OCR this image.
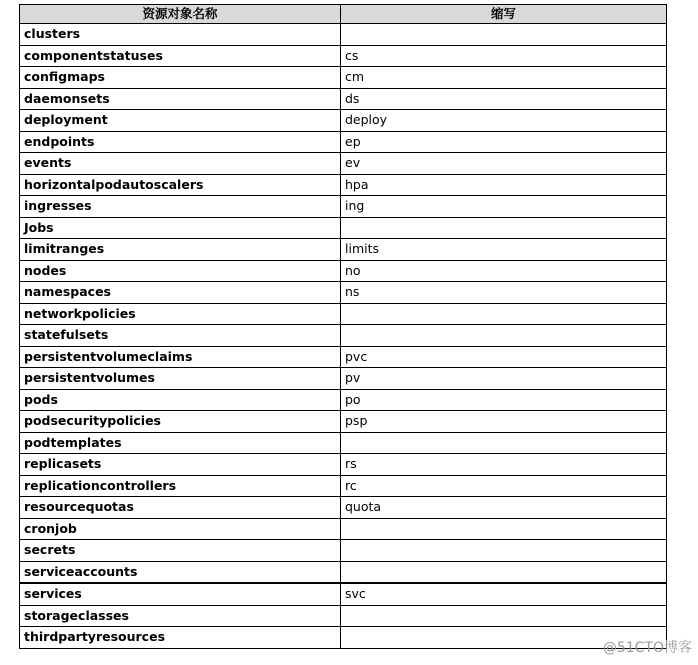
资源对象名称	缩写
clusters	
componentstatuses	cs
configmaps	cm
daemonsets	ds
deployment	deploy
endpoints	ep
events	ev
horizontalpodautoscalers	hpa
ingresses	ing
Jobs	
limitranges	limits
nodes	no
namespaces	ns
networkpolicies	
statefulsets	
persistentvolumeclaims	pvc
persistentvolumes	pv
pods	po
podsecuritypolicies	psp
podtemplates	
replicasets	rs
replicationcontrollers	rc
resourcequotas	quota
cronjob	
secrets	
serviceaccounts	
services	svc
storageclasses	
thirdpartyresources	
@51CTO博客
